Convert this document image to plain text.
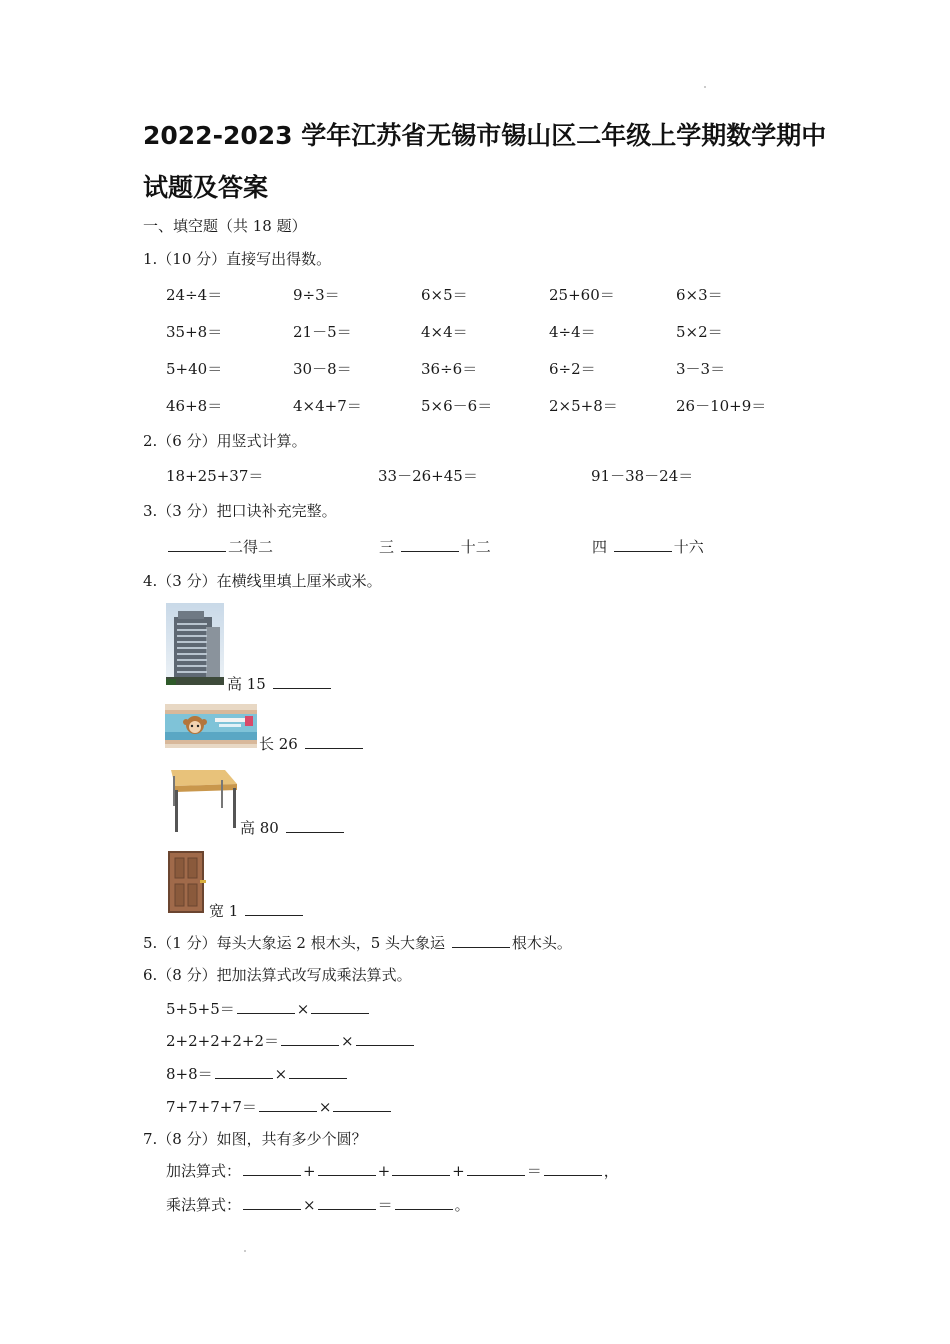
2022-2023 学年江苏省无锡市锡山区二年级上学期数学期中
试题及答案
一、填空题（共 18 题）
1.（10 分）直接写出得数。
24÷4＝	9÷3＝	6×5＝	25+60＝	6×3＝
35+8＝	21－5＝	4×4＝	4÷4＝	5×2＝
5+40＝	30－8＝	36÷6＝	6÷2＝	3－3＝
46+8＝	4×4+7＝	5×6－6＝	2×5+8＝	26－10+9＝
2.（6 分）用竖式计算。
18+25+37＝	33－26+45＝	91－38－24＝
3.（3 分）把口诀补充完整。
二得二	三	十二	四	十六
4.（3 分）在横线里填上厘米或米。
高 15
长 26
高 80
宽 1
5.（1 分）每头大象运 2 根木头，5 头大象运	根木头。
6.（8 分）把加法算式改写成乘法算式。
5+5+5＝	×
2+2+2+2+2＝	×
8+8＝	×
7+7+7+7＝	×
7.（8 分）如图，共有多少个圆？
加法算式：	+	+	+	＝	，
乘法算式：	×	＝	。
